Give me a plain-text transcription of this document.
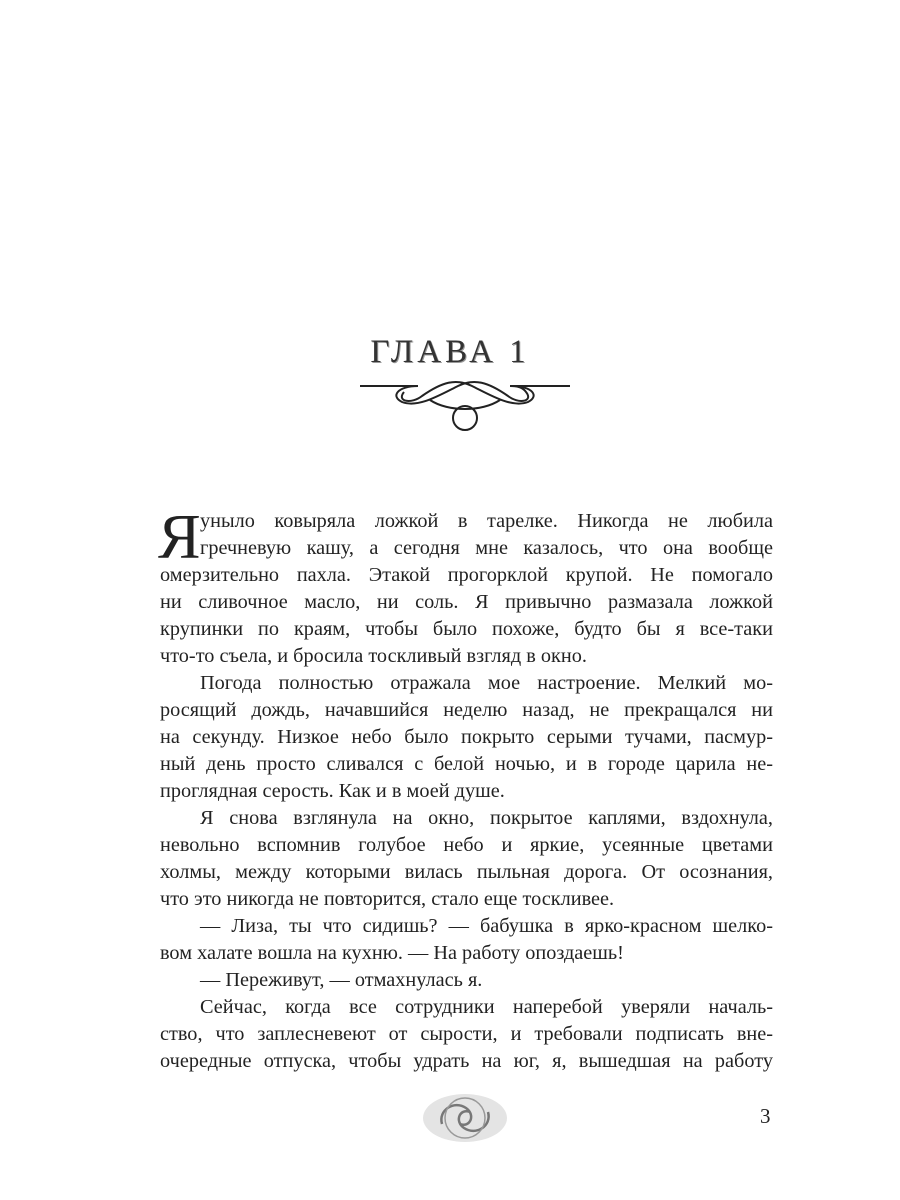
ГЛАВА 1
Я уныло ковыряла ложкой в тарелке. Никогда не любила
гречневую кашу, а сегодня мне казалось, что она вообще
омерзительно пахла. Этакой прогорклой крупой. Не помогало
ни сливочное масло, ни соль. Я привычно размазала ложкой
крупинки по краям, чтобы было похоже, будто бы я все-таки
что-то съела, и бросила тоскливый взгляд в окно.
Погода полностью отражала мое настроение. Мелкий мо-
росящий дождь, начавшийся неделю назад, не прекращался ни
на секунду. Низкое небо было покрыто серыми тучами, пасмур-
ный день просто сливался с белой ночью, и в городе царила не-
проглядная серость. Как и в моей душе.
Я снова взглянула на окно, покрытое каплями, вздохнула,
невольно вспомнив голубое небо и яркие, усеянные цветами
холмы, между которыми вилась пыльная дорога. От осознания,
что это никогда не повторится, стало еще тоскливее.
— Лиза, ты что сидишь? — бабушка в ярко-красном шелко-
вом халате вошла на кухню. — На работу опоздаешь!
— Переживут, — отмахнулась я.
Сейчас, когда все сотрудники наперебой уверяли началь-
ство, что заплесневеют от сырости, и требовали подписать вне-
очередные отпуска, чтобы удрать на юг, я, вышедшая на работу
3
